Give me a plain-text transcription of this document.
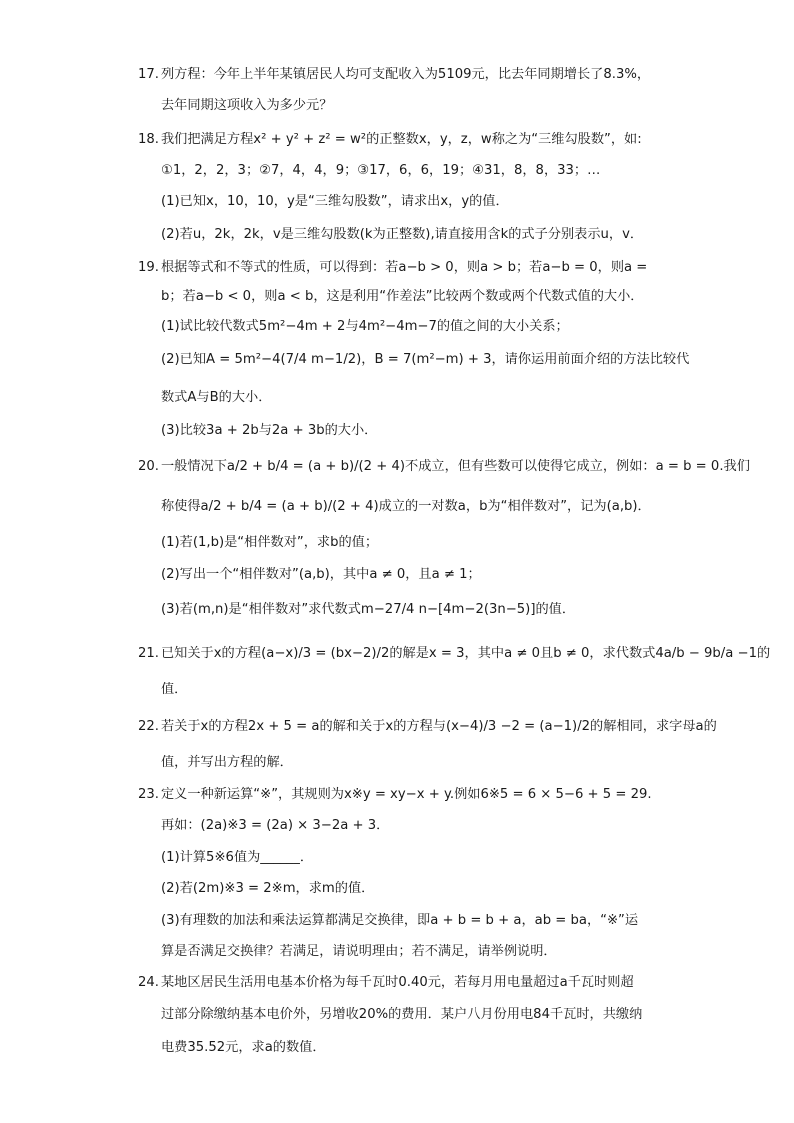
17. 列方程：今年上半年某镇居民人均可支配收入为5109元，比去年同期增长了8.3%，
去年同期这项收入为多少元？
18. 我们把满足方程x² + y² + z² = w²的正整数x，y，z，w称之为“三维勾股数”，如:
①1，2，2，3；②7，4，4，9；③17，6，6，19；④31，8，8，33；…
(1)已知x，10，10，y是“三维勾股数”，请求出x，y的值．
(2)若u，2k，2k，v是三维勾股数(k为正整数),请直接用含k的式子分别表示u，v．
19. 根据等式和不等式的性质，可以得到：若a−b > 0，则a > b；若a−b = 0，则a =
b；若a−b < 0，则a < b，这是利用“作差法”比较两个数或两个代数式值的大小．
(1)试比较代数式5m²−4m + 2与4m²−4m−7的值之间的大小关系；
(2)已知A = 5m²−4(7/4 m−1/2)，B = 7(m²−m) + 3，请你运用前面介绍的方法比较代
数式A与B的大小．
(3)比较3a + 2b与2a + 3b的大小．
20. 一般情况下a/2 + b/4 = (a + b)/(2 + 4)不成立，但有些数可以使得它成立，例如：a = b = 0.我们
称使得a/2 + b/4 = (a + b)/(2 + 4)成立的一对数a，b为“相伴数对”，记为(a,b)．
(1)若(1,b)是“相伴数对”，求b的值；
(2)写出一个“相伴数对”(a,b)，其中a ≠ 0，且a ≠ 1；
(3)若(m,n)是“相伴数对”求代数式m−27/4 n−[4m−2(3n−5)]的值．
21. 已知关于x的方程(a−x)/3 = (bx−2)/2的解是x = 3，其中a ≠ 0且b ≠ 0，求代数式4a/b − 9b/a −1的
值．
22. 若关于x的方程2x + 5 = a的解和关于x的方程与(x−4)/3 −2 = (a−1)/2的解相同，求字母a的
值，并写出方程的解．
23. 定义一种新运算“※”，其规则为x※y = xy−x + y.例如6※5 = 6 × 5−6 + 5 = 29.
再如：(2a)※3 = (2a) × 3−2a + 3．
(1)计算5※6值为______．
(2)若(2m)※3 = 2※m，求m的值．
(3)有理数的加法和乘法运算都满足交换律，即a + b = b + a，ab = ba，“※”运
算是否满足交换律？若满足，请说明理由；若不满足，请举例说明．
24. 某地区居民生活用电基本价格为每千瓦时0.40元，若每月用电量超过a千瓦时则超
过部分除缴纳基本电价外，另增收20%的费用．某户八月份用电84千瓦时，共缴纳
电费35.52元，求a的数值．
